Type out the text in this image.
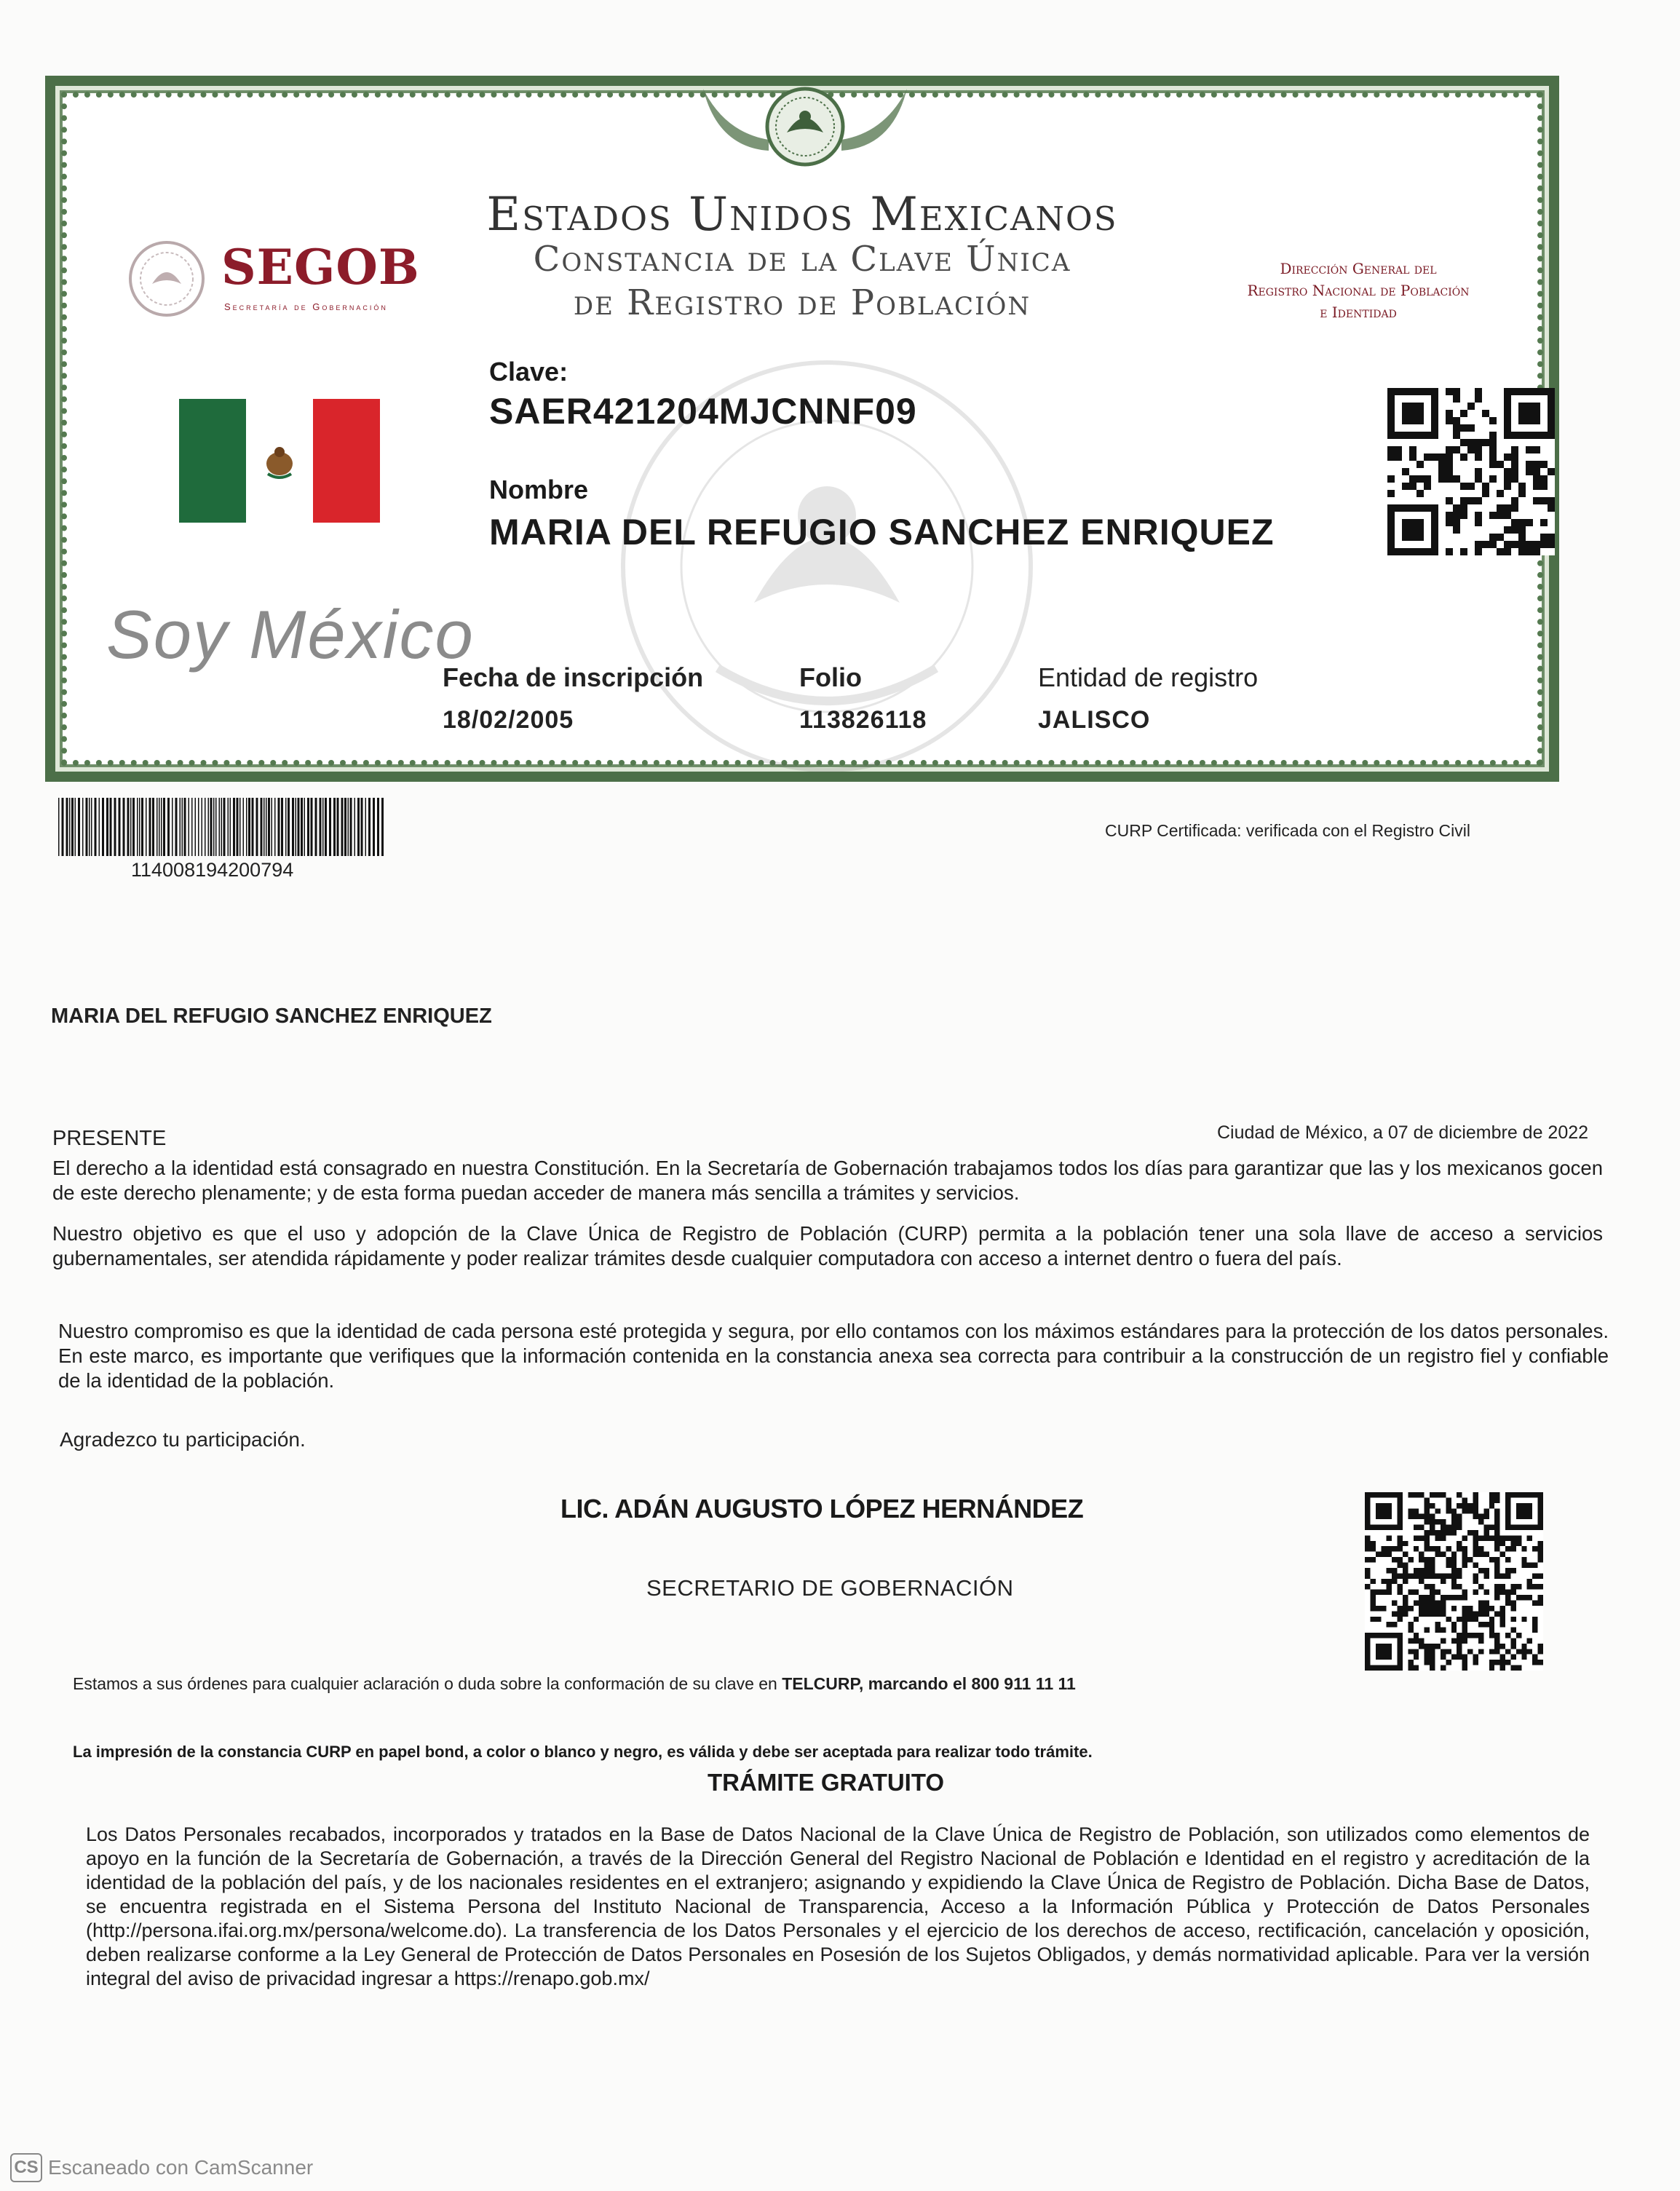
Estados Unidos Mexicanos
Constancia de la Clave Única
de Registro de Población
SEGOB
Secretaría de Gobernación
Dirección General del
Registro Nacional de Población
e Identidad
Soy México
Clave:
SAER421204MJCNNF09
Nombre
MARIA DEL REFUGIO SANCHEZ ENRIQUEZ
Fecha de inscripción
18/02/2005
Folio
113826118
Entidad de registro
JALISCO
114008194200794
CURP Certificada: verificada con el Registro Civil
MARIA DEL REFUGIO SANCHEZ ENRIQUEZ
PRESENTE	Ciudad de México, a 07 de diciembre de 2022
El derecho a la identidad está consagrado en nuestra Constitución. En la Secretaría de Gobernación trabajamos todos los días para garantizar que las y los mexicanos gocen de este derecho plenamente; y de esta forma puedan acceder de manera más sencilla a trámites y servicios.
Nuestro objetivo es que el uso y adopción de la Clave Única de Registro de Población (CURP) permita a la población tener una sola llave de acceso a servicios gubernamentales, ser atendida rápidamente y poder realizar trámites desde cualquier computadora con acceso a internet dentro o fuera del país.
Nuestro compromiso es que la identidad de cada persona esté protegida y segura, por ello contamos con los máximos estándares para la protección de los datos personales. En este marco, es importante que verifiques que la información contenida en la constancia anexa sea correcta para contribuir a la construcción de un registro fiel y confiable de la identidad de la población.
Agradezco tu participación.
LIC. ADÁN AUGUSTO LÓPEZ HERNÁNDEZ
SECRETARIO DE GOBERNACIÓN
Estamos a sus órdenes para cualquier aclaración o duda sobre la conformación de su clave en TELCURP, marcando el 800 911 11 11
La impresión de la constancia CURP en papel bond, a color o blanco y negro, es válida y debe ser aceptada para realizar todo trámite.
TRÁMITE GRATUITO
Los Datos Personales recabados, incorporados y tratados en la Base de Datos Nacional de la Clave Única de Registro de Población, son utilizados como elementos de apoyo en la función de la Secretaría de Gobernación, a través de la Dirección General del Registro Nacional de Población e Identidad en el registro y acreditación de la identidad de la población del país, y de los nacionales residentes en el extranjero; asignando y expidiendo la Clave Única de Registro de Población. Dicha Base de Datos, se encuentra registrada en el Sistema Persona del Instituto Nacional de Transparencia, Acceso a la Información Pública y Protección de Datos Personales (http://persona.ifai.org.mx/persona/welcome.do). La transferencia de los Datos Personales y el ejercicio de los derechos de acceso, rectificación, cancelación y oposición, deben realizarse conforme a la Ley General de Protección de Datos Personales en Posesión de los Sujetos Obligados, y demás normatividad aplicable. Para ver la versión integral del aviso de privacidad ingresar a https://renapo.gob.mx/
CS Escaneado con CamScanner
